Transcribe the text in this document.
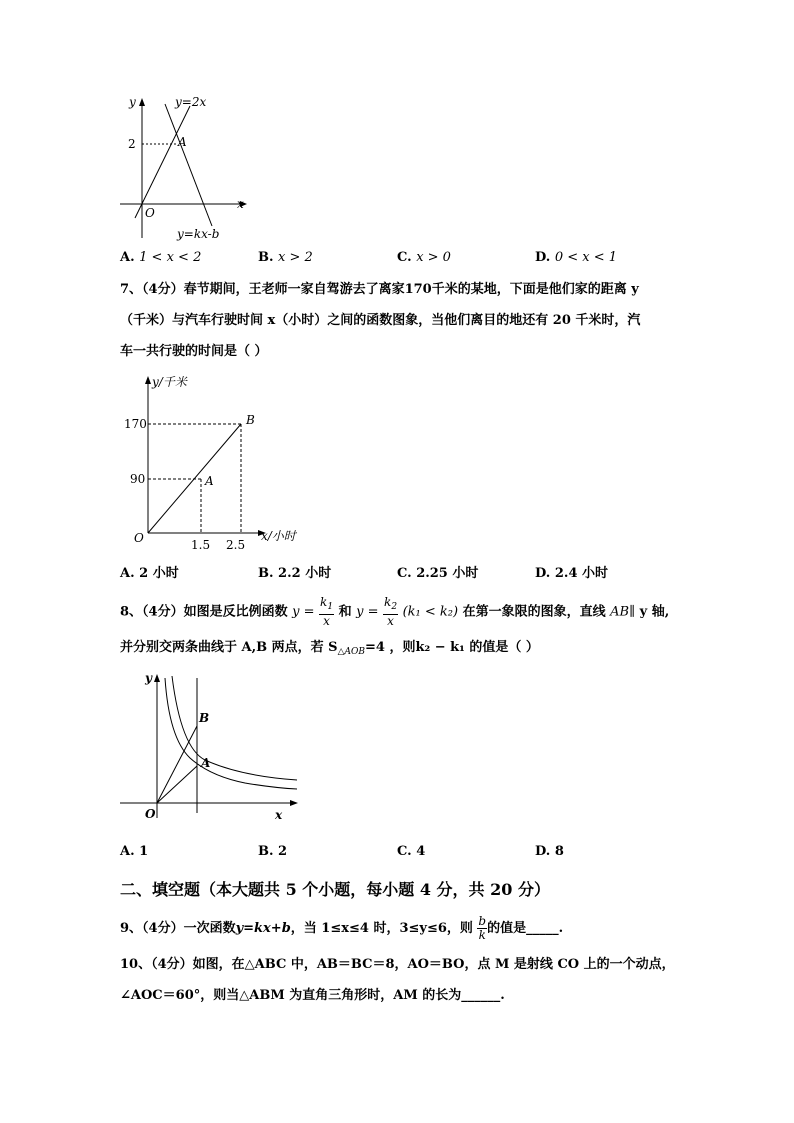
y	y=2x
2	A
x
O
y=kx-b
A. 1 < x < 2	B. x > 2	C. x > 0	D. 0 < x < 1
7、（4分）春节期间，王老师一家自驾游去了离家170千米的某地，下面是他们家的距离 y
（千米）与汽车行驶时间 x（小时）之间的函数图象，当他们离目的地还有 20 千米时，汽
车一共行驶的时间是（ ）
y/千米
170
90
B
A
O	1.5 2.5
x/小时
A. 2 小时	B. 2.2 小时	C. 2.25 小时	D. 2.4 小时
8、（4分）如图是反比例函数 $y = \frac{k_1}{x}$ 和 $y = \frac{k_2}{x} (k_1 < k_2)$ 在第一象限的图象，直线 AB∥ y 轴,
并分别交两条曲线于 A,B 两点，若 $S_{\triangle AOB}=4$ ，则k₂ − k₁ 的值是（ ）
y
B
A
O	x
A. 1	B. 2	C. 4	D. 8
二、填空题（本大题共 5 个小题，每小题 4 分，共 20 分）
9、（4分）一次函数y=kx+b，当 1≤x≤4 时，3≤y≤6，则 $\frac{b}{k}$ 的值是_____.
10、（4分）如图，在△ABC 中，AB＝BC＝8，AO＝BO，点 M 是射线 CO 上的一个动点，
∠AOC＝60°，则当△ABM 为直角三角形时，AM 的长为______.
